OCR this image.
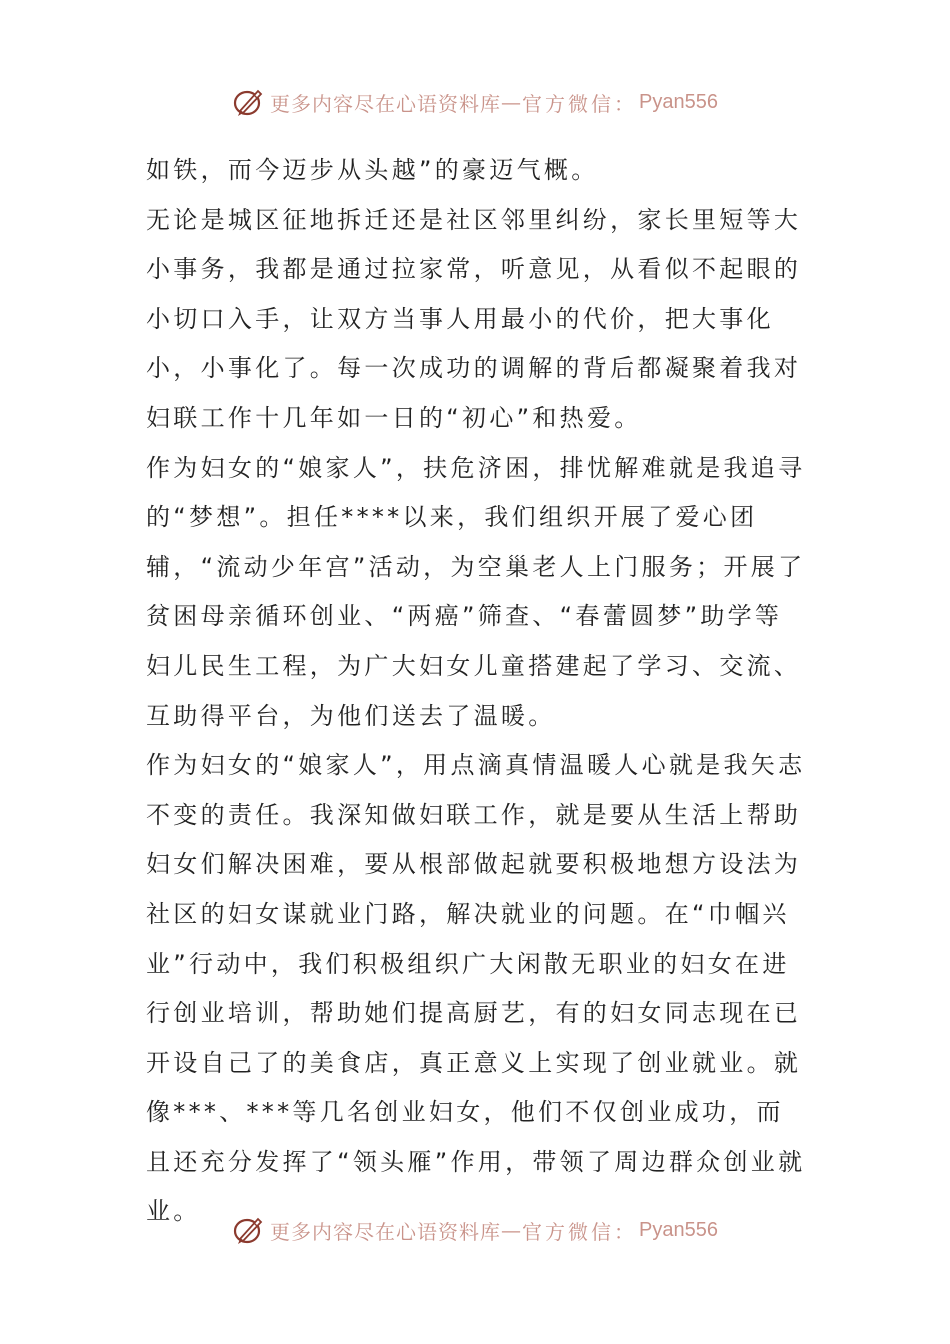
更多内容尽在心语资料库 — 官方微信： Pyan556

如铁，而今迈步从头越”的豪迈气概。

无论是城区征地拆迁还是社区邻里纠纷，家长里短等大小事务，我都是通过拉家常，听意见，从看似不起眼的小切口入手，让双方当事人用最小的代价，把大事化小，小事化了。每一次成功的调解的背后都凝聚着我对妇联工作十几年如一日的“初心”和热爱。

作为妇女的“娘家人”，扶危济困，排忧解难就是我追寻的“梦想”。担任****以来，我们组织开展了爱心团辅，“流动少年宫”活动，为空巢老人上门服务；开展了贫困母亲循环创业、“两癌”筛查、“春蕾圆梦”助学等妇儿民生工程，为广大妇女儿童搭建起了学习、交流、互助得平台，为他们送去了温暖。

作为妇女的“娘家人”，用点滴真情温暖人心就是我矢志不变的责任。我深知做妇联工作，就是要从生活上帮助妇女们解决困难，要从根部做起就要积极地想方设法为社区的妇女谋就业门路，解决就业的问题。在“巾帼兴业”行动中，我们积极组织广大闲散无职业的妇女在进行创业培训，帮助她们提高厨艺，有的妇女同志现在已开设自己了的美食店，真正意义上实现了创业就业。就像***、***等几名创业妇女，他们不仅创业成功，而且还充分发挥了“领头雁”作用，带领了周边群众创业就业。

更多内容尽在心语资料库 — 官方微信： Pyan556
